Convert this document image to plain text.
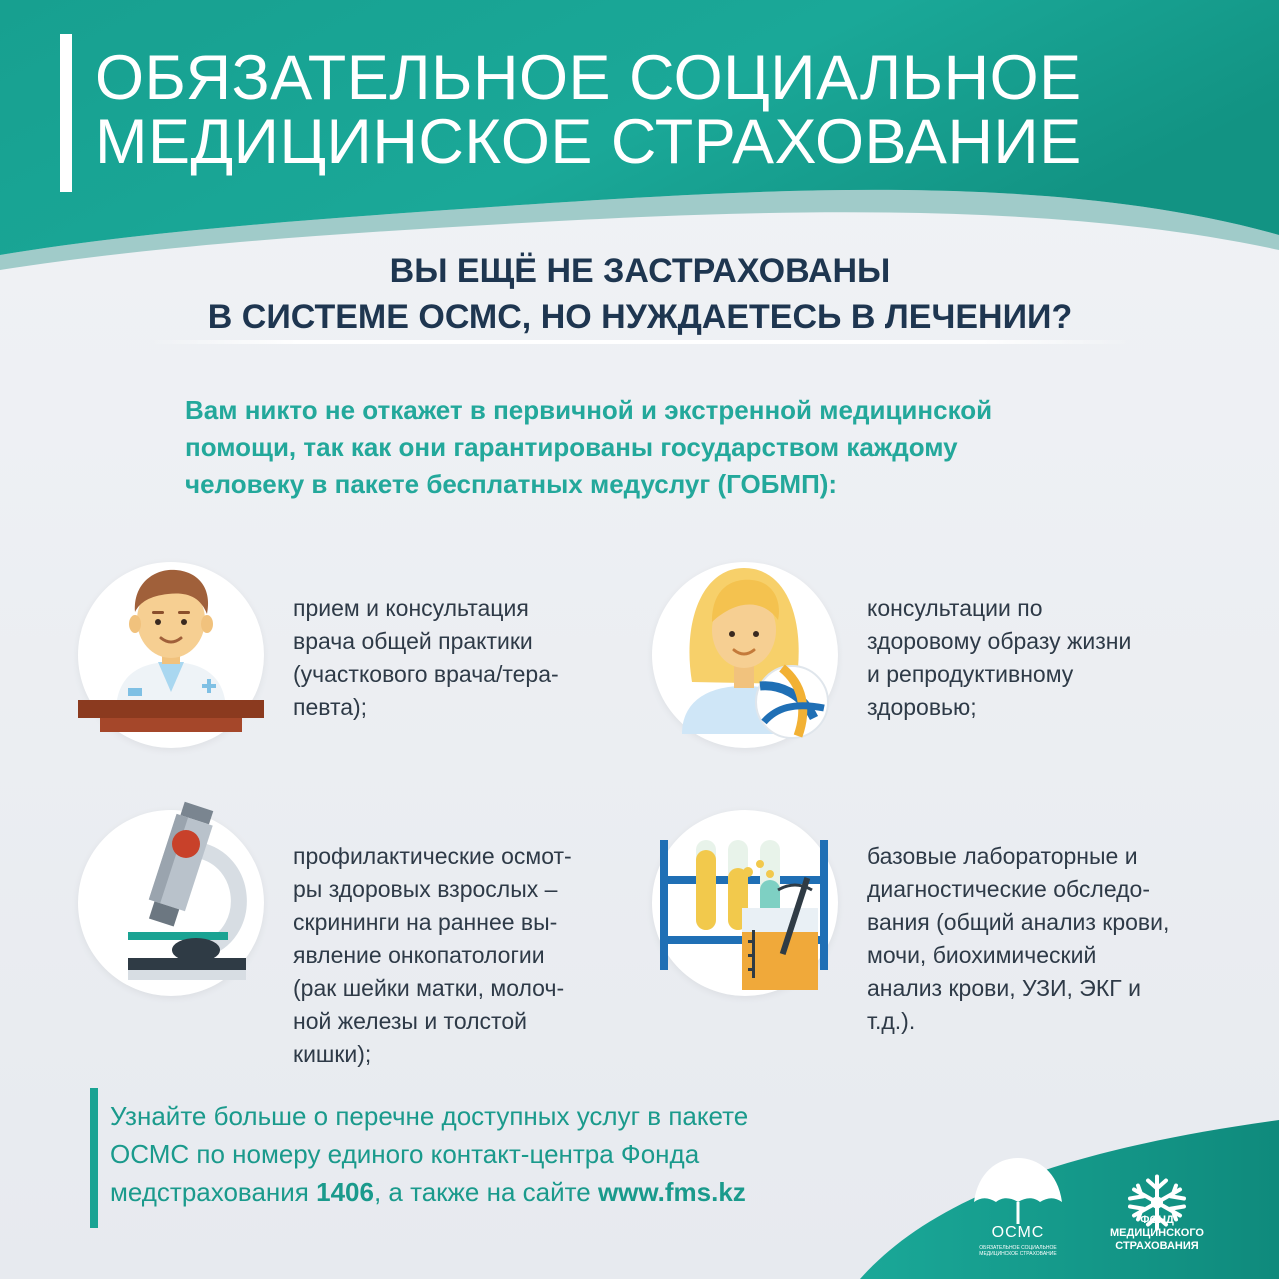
ОБЯЗАТЕЛЬНОЕ СОЦИАЛЬНОЕ
МЕДИЦИНСКОЕ СТРАХОВАНИЕ
ВЫ ЕЩЁ НЕ ЗАСТРАХОВАНЫ
В СИСТЕМЕ ОСМС, НО НУЖДАЕТЕСЬ В ЛЕЧЕНИИ?

Вам никто не откажет в первичной и экстренной медицинской
помощи, так как они гарантированы государством каждому
человеку в пакете бесплатных медуслуг (ГОБМП):

прием и консультация
врача общей практики
(участкового врача/тера-
певта);
консультации по
здоровому образу жизни
и репродуктивному
здоровью;
профилактические осмот-
ры здоровых взрослых –
скрининги на раннее вы-
явление онкопатологии
(рак шейки матки, молоч-
ной железы и толстой
кишки);
базовые лабораторные и
диагностические обследо-
вания (общий анализ крови,
мочи, биохимический
анализ крови, УЗИ, ЭКГ и
т.д.).

Узнайте больше о перечне доступных услуг в пакете
ОСМС по номеру единого контакт-центра Фонда
медстрахования 1406, а также на сайте www.fms.kz

ОСМС
ОБЯЗАТЕЛЬНОЕ СОЦИАЛЬНОЕ МЕДИЦИНСКОЕ СТРАХОВАНИЕ
ФОНД
МЕДИЦИНСКОГО
СТРАХОВАНИЯ
